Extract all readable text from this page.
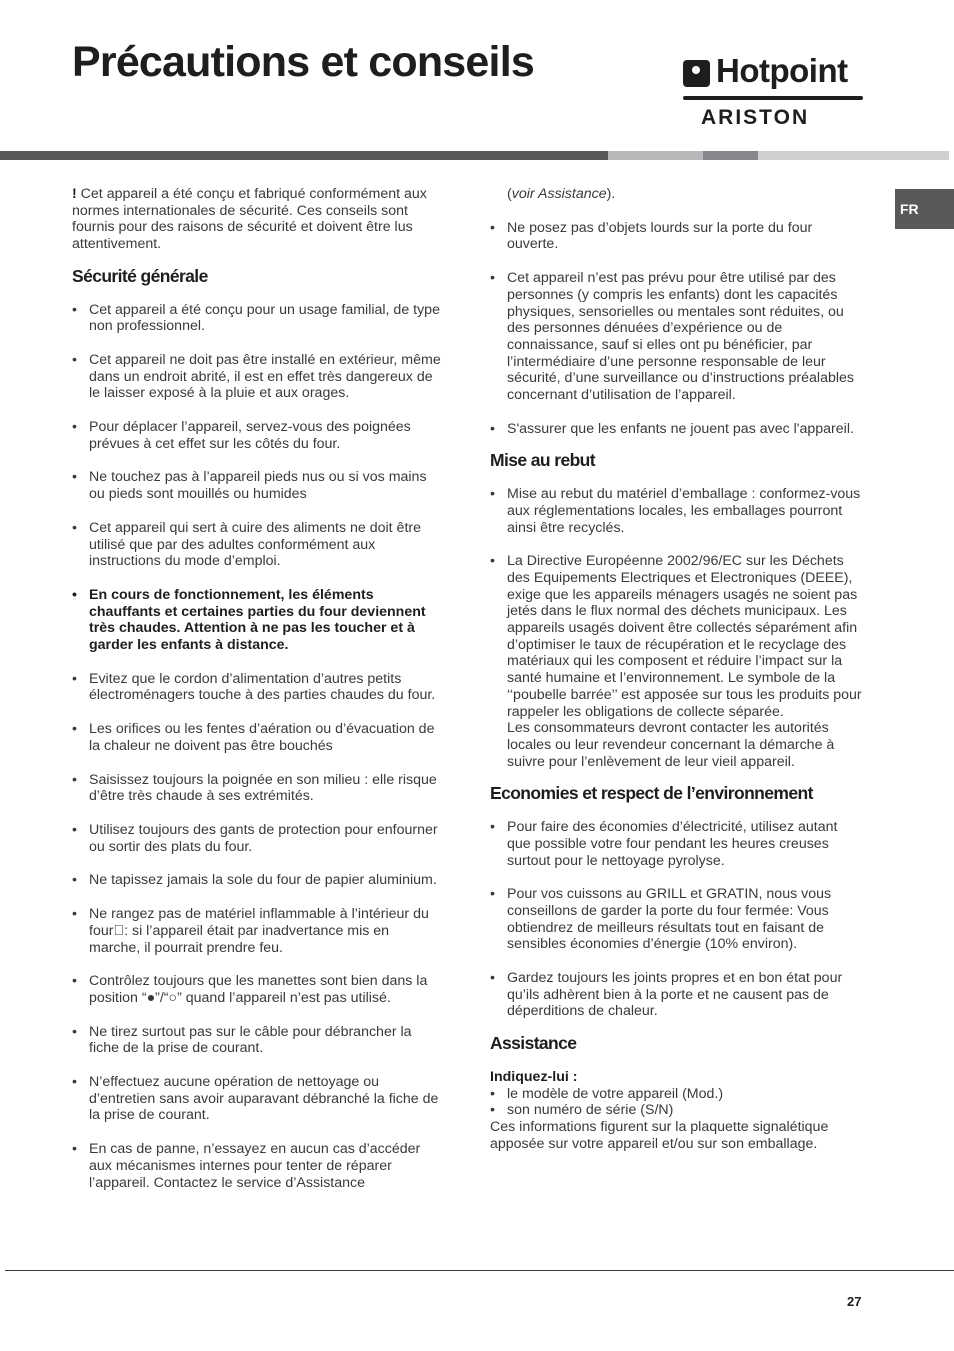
Précautions et conseils	Hotpoint
ARISTON
FR

! Cet appareil a été conçu et fabriqué conformément aux normes internationales de sécurité. Ces conseils sont fournis pour des raisons de sécurité et doivent être lus attentivement.

Sécurité générale
• Cet appareil a été conçu pour un usage familial, de type non professionnel.
• Cet appareil ne doit pas être installé en extérieur, même dans un endroit abrité, il est en effet très dangereux de le laisser exposé à la pluie et aux orages.
• Pour déplacer l’appareil, servez-vous des poignées prévues à cet effet sur les côtés du four.
• Ne touchez pas à l’appareil pieds nus ou si vos mains ou pieds sont mouillés ou humides
• Cet appareil qui sert à cuire des aliments ne doit être utilisé que par des adultes conformément aux instructions du mode d’emploi.
• En cours de fonctionnement, les éléments chauffants et certaines parties du four deviennent très chaudes. Attention à ne pas les toucher et à garder les enfants à distance.
• Evitez que le cordon d’alimentation d’autres petits électroménagers touche à des parties chaudes du four.
• Les orifices ou les fentes d’aération ou d’évacuation de la chaleur ne doivent pas être bouchés
• Saisissez toujours la poignée en son milieu : elle risque d’être très chaude à ses extrémités.
• Utilisez toujours des gants de protection pour enfourner ou sortir des plats du four.
• Ne tapissez jamais la sole du four de papier aluminium.
• Ne rangez pas de matériel inflammable à l’intérieur du four : si l’appareil était par inadvertance mis en marche, il pourrait prendre feu.
• Contrôlez toujours que les manettes sont bien dans la position “●”/“○” quand l’appareil n’est pas utilisé.
• Ne tirez surtout pas sur le câble pour débrancher la fiche de la prise de courant.
• N’effectuez aucune opération de nettoyage ou d’entretien sans avoir auparavant débranché la fiche de la prise de courant.
• En cas de panne, n’essayez en aucun cas d’accéder aux mécanismes internes pour tenter de réparer l’appareil. Contactez le service d’Assistance

(voir Assistance).

• Ne posez pas d’objets lourds sur la porte du four ouverte.
• Cet appareil n’est pas prévu pour être utilisé par des personnes (y compris les enfants) dont les capacités physiques, sensorielles ou mentales sont réduites, ou des personnes dénuées d’expérience ou de connaissance, sauf si elles ont pu bénéficier, par l’intermédiaire d’une personne responsable de leur sécurité, d’une surveillance ou d’instructions préalables concernant d’utilisation de l’appareil.
• S'assurer que les enfants ne jouent pas avec l'appareil.
Mise au rebut
• Mise au rebut du matériel d’emballage : conformez-vous aux réglementations locales, les emballages pourront ainsi être recyclés.
• La Directive Européenne 2002/96/EC sur les Déchets des Equipements Electriques et Electroniques (DEEE), exige que les appareils ménagers usagés ne soient pas jetés dans le flux normal des déchets municipaux. Les appareils usagés doivent être collectés séparément afin d’optimiser le taux de récupération et le recyclage des matériaux qui les composent et réduire l’impact sur la santé humaine et l’environnement. Le symbole de la ‘‘poubelle barrée’’ est apposée sur tous les produits pour rappeler les obligations de collecte séparée.
Les consommateurs devront contacter les autorités locales ou leur revendeur concernant la démarche à suivre pour l’enlèvement de leur vieil appareil.
Economies et respect de l’environnement
• Pour faire des économies d’électricité, utilisez autant que possible votre four pendant les heures creuses surtout pour le nettoyage pyrolyse.
• Pour vos cuissons au GRILL et GRATIN, nous vous conseillons de garder la porte du four fermée: Vous obtiendrez de meilleurs résultats tout en faisant de sensibles économies d’énergie (10% environ).
• Gardez toujours les joints propres et en bon état pour qu’ils adhèrent bien à la porte et ne causent pas de déperditions de chaleur.
Assistance

Indiquez-lui :

• le modèle de votre appareil (Mod.)
• son numéro de série (S/N)

Ces informations figurent sur la plaquette signalétique apposée sur votre appareil et/ou sur son emballage.

27
